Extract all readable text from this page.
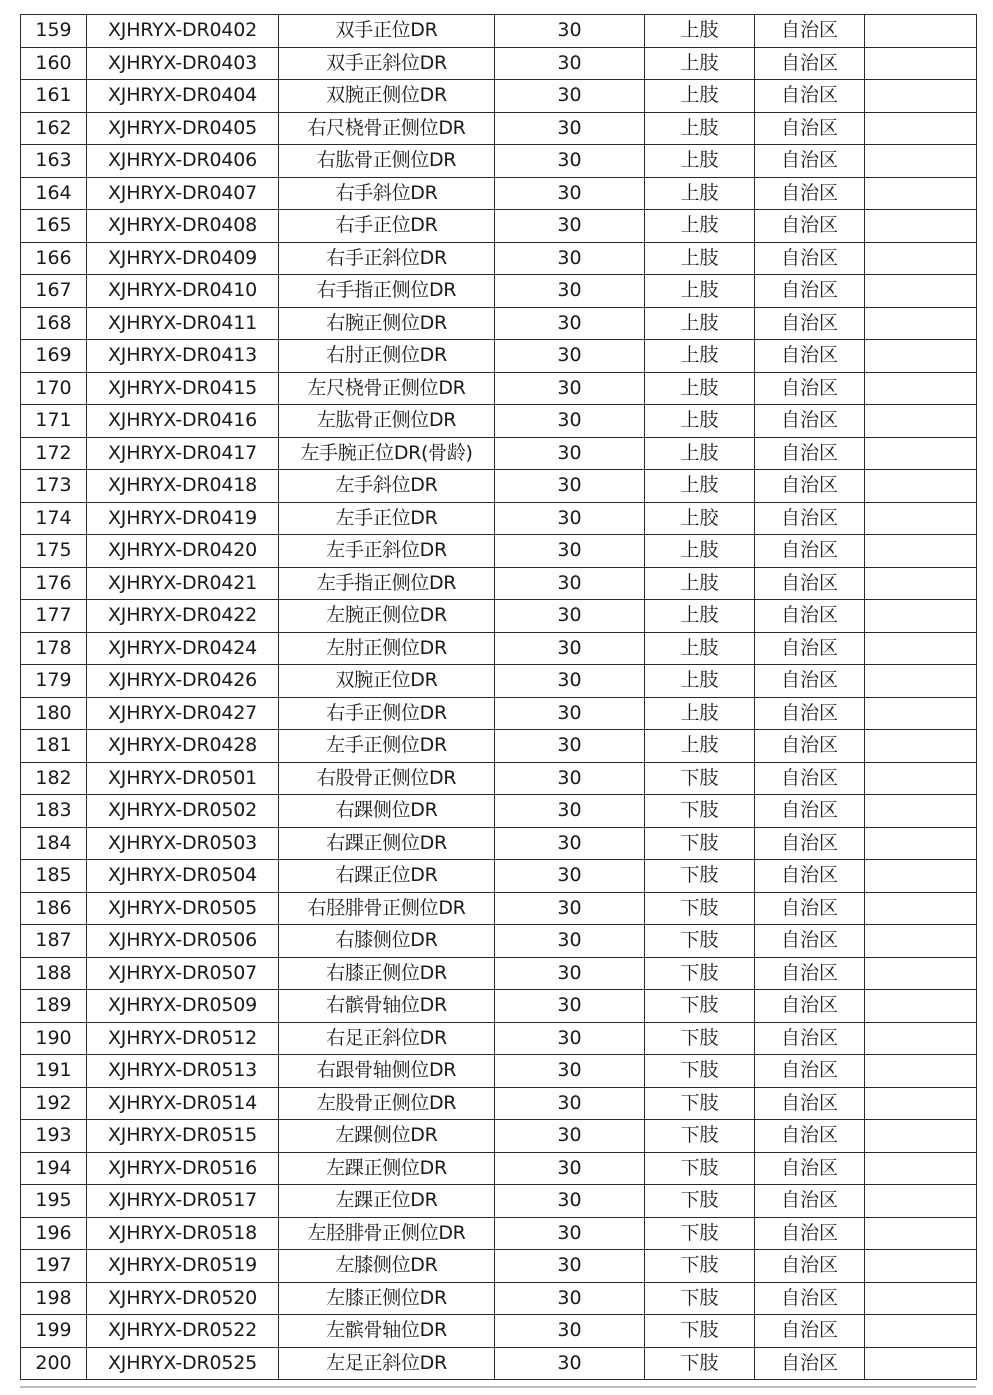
159	XJHRYX-DR0402	双手正位DR	30	上肢	自治区	
160	XJHRYX-DR0403	双手正斜位DR	30	上肢	自治区	
161	XJHRYX-DR0404	双腕正侧位DR	30	上肢	自治区	
162	XJHRYX-DR0405	右尺桡骨正侧位DR	30	上肢	自治区	
163	XJHRYX-DR0406	右肱骨正侧位DR	30	上肢	自治区	
164	XJHRYX-DR0407	右手斜位DR	30	上肢	自治区	
165	XJHRYX-DR0408	右手正位DR	30	上肢	自治区	
166	XJHRYX-DR0409	右手正斜位DR	30	上肢	自治区	
167	XJHRYX-DR0410	右手指正侧位DR	30	上肢	自治区	
168	XJHRYX-DR0411	右腕正侧位DR	30	上肢	自治区	
169	XJHRYX-DR0413	右肘正侧位DR	30	上肢	自治区	
170	XJHRYX-DR0415	左尺桡骨正侧位DR	30	上肢	自治区	
171	XJHRYX-DR0416	左肱骨正侧位DR	30	上肢	自治区	
172	XJHRYX-DR0417	左手腕正位DR(骨龄)	30	上肢	自治区	
173	XJHRYX-DR0418	左手斜位DR	30	上肢	自治区	
174	XJHRYX-DR0419	左手正位DR	30	上胶	自治区	
175	XJHRYX-DR0420	左手正斜位DR	30	上肢	自治区	
176	XJHRYX-DR0421	左手指正侧位DR	30	上肢	自治区	
177	XJHRYX-DR0422	左腕正侧位DR	30	上肢	自治区	
178	XJHRYX-DR0424	左肘正侧位DR	30	上肢	自治区	
179	XJHRYX-DR0426	双腕正位DR	30	上肢	自治区	
180	XJHRYX-DR0427	右手正侧位DR	30	上肢	自治区	
181	XJHRYX-DR0428	左手正侧位DR	30	上肢	自治区	
182	XJHRYX-DR0501	右股骨正侧位DR	30	下肢	自治区	
183	XJHRYX-DR0502	右踝侧位DR	30	下肢	自治区	
184	XJHRYX-DR0503	右踝正侧位DR	30	下肢	自治区	
185	XJHRYX-DR0504	右踝正位DR	30	下肢	自治区	
186	XJHRYX-DR0505	右胫腓骨正侧位DR	30	下肢	自治区	
187	XJHRYX-DR0506	右膝侧位DR	30	下肢	自治区	
188	XJHRYX-DR0507	右膝正侧位DR	30	下肢	自治区	
189	XJHRYX-DR0509	右髌骨轴位DR	30	下肢	自治区	
190	XJHRYX-DR0512	右足正斜位DR	30	下肢	自治区	
191	XJHRYX-DR0513	右跟骨轴侧位DR	30	下肢	自治区	
192	XJHRYX-DR0514	左股骨正侧位DR	30	下肢	自治区	
193	XJHRYX-DR0515	左踝侧位DR	30	下肢	自治区	
194	XJHRYX-DR0516	左踝正侧位DR	30	下肢	自治区	
195	XJHRYX-DR0517	左踝正位DR	30	下肢	自治区	
196	XJHRYX-DR0518	左胫腓骨正侧位DR	30	下肢	自治区	
197	XJHRYX-DR0519	左膝侧位DR	30	下肢	自治区	
198	XJHRYX-DR0520	左膝正侧位DR	30	下肢	自治区	
199	XJHRYX-DR0522	左髌骨轴位DR	30	下肢	自治区	
200	XJHRYX-DR0525	左足正斜位DR	30	下肢	自治区	
